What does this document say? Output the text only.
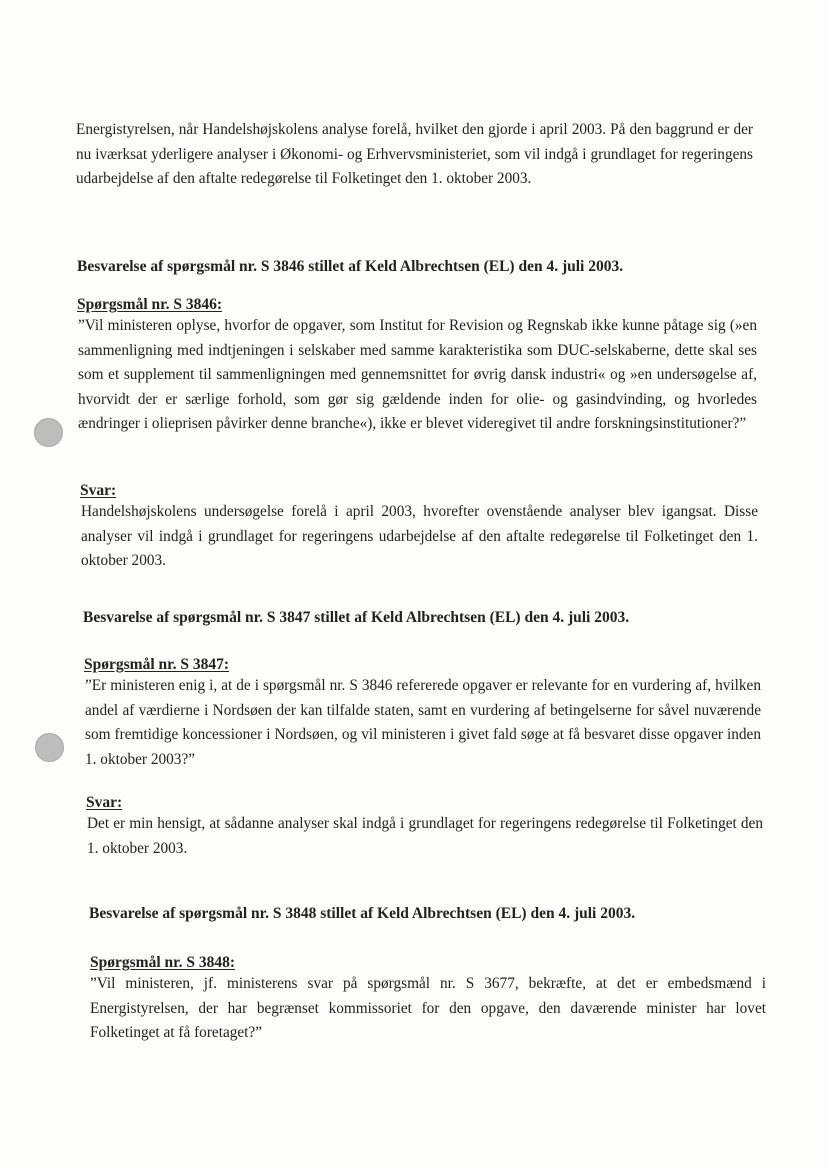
Energistyrelsen, når Handelshøjskolens analyse forelå, hvilket den gjorde i april 2003. På den baggrund er der nu iværksat yderligere analyser i Økonomi- og Erhvervsministeriet, som vil indgå i grundlaget for regeringens udarbejdelse af den aftalte redegørelse til Folketinget den 1. oktober 2003.

Besvarelse af spørgsmål nr. S 3846 stillet af Keld Albrechtsen (EL) den 4. juli 2003.

Spørgsmål nr. S 3846:

”Vil ministeren oplyse, hvorfor de opgaver, som Institut for Revision og Regnskab ikke kunne påtage sig (»en sammenligning med indtjeningen i selskaber med samme karakteristika som DUC-selskaberne, dette skal ses som et supplement til sammenligningen med gennemsnittet for øvrig dansk industri« og »en undersøgelse af, hvorvidt der er særlige forhold, som gør sig gældende inden for olie- og gasindvinding, og hvorledes ændringer i olieprisen påvirker denne branche«), ikke er blevet videregivet til andre forskningsinstitutioner?”

Svar:

Handelshøjskolens undersøgelse forelå i april 2003, hvorefter ovenstående analyser blev igangsat. Disse analyser vil indgå i grundlaget for regeringens udarbejdelse af den aftalte redegørelse til Folketinget den 1. oktober 2003.

Besvarelse af spørgsmål nr. S 3847 stillet af Keld Albrechtsen (EL) den 4. juli 2003.

Spørgsmål nr. S 3847:

”Er ministeren enig i, at de i spørgsmål nr. S 3846 refererede opgaver er relevante for en vurdering af, hvilken andel af værdierne i Nordsøen der kan tilfalde staten, samt en vurdering af betingelserne for såvel nuværende som fremtidige koncessioner i Nordsøen, og vil ministeren i givet fald søge at få besvaret disse opgaver inden 1. oktober 2003?”

Svar:

Det er min hensigt, at sådanne analyser skal indgå i grundlaget for regeringens redegørelse til Folketinget den 1. oktober 2003.

Besvarelse af spørgsmål nr. S 3848 stillet af Keld Albrechtsen (EL) den 4. juli 2003.

Spørgsmål nr. S 3848:

”Vil ministeren, jf. ministerens svar på spørgsmål nr. S 3677, bekræfte, at det er embedsmænd i Energistyrelsen, der har begrænset kommissoriet for den opgave, den daværende minister har lovet Folketinget at få foretaget?”
